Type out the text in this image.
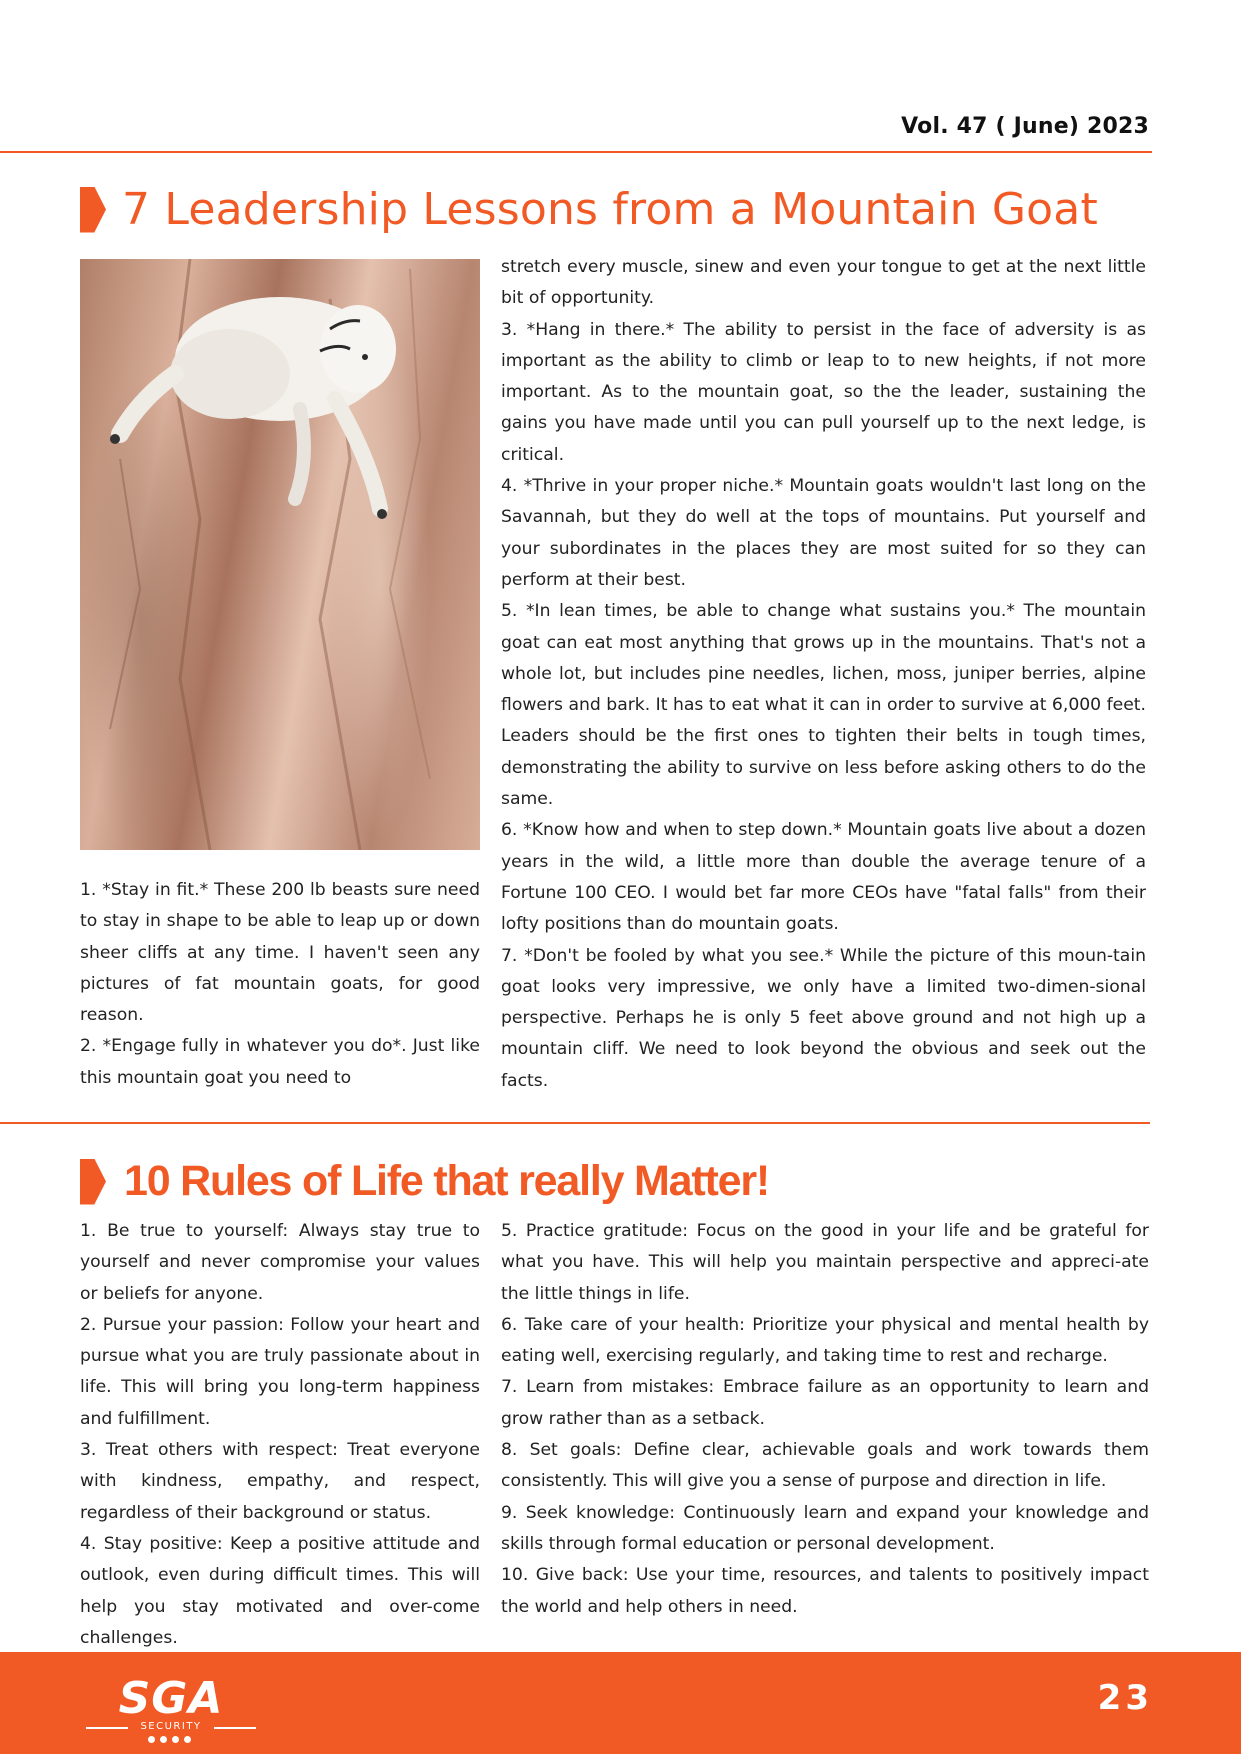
Vol. 47 ( June) 2023
7 Leadership Lessons from a Mountain Goat

stretch every muscle, sinew and even your tongue to get at the next little bit of opportunity.

3. *Hang in there.* The ability to persist in the face of adversity is as important as the ability to climb or leap to to new heights, if not more important. As to the mountain goat, so the the leader, sustaining the gains you have made until you can pull yourself up to the next ledge, is critical.

4. *Thrive in your proper niche.* Mountain goats wouldn't last long on the Savannah, but they do well at the tops of mountains. Put yourself and your subordinates in the places they are most suited for so they can perform at their best.

5. *In lean times, be able to change what sustains you.* The mountain goat can eat most anything that grows up in the mountains. That's not a whole lot, but includes pine needles, lichen, moss, juniper berries, alpine flowers and bark. It has to eat what it can in order to survive at 6,000 feet. Leaders should be the first ones to tighten their belts in tough times, demonstrating the ability to survive on less before asking others to do the same.

6. *Know how and when to step down.* Mountain goats live about a dozen years in the wild, a little more than double the average tenure of a Fortune 100 CEO. I would bet far more CEOs have "fatal falls" from their lofty positions than do mountain goats.

7. *Don't be fooled by what you see.* While the picture of this moun-tain goat looks very impressive, we only have a limited two-dimen-sional perspective. Perhaps he is only 5 feet above ground and not high up a mountain cliff. We need to look beyond the obvious and seek out the facts.

1. *Stay in fit.* These 200 lb beasts sure need to stay in shape to be able to leap up or down sheer cliffs at any time. I haven't seen any pictures of fat mountain goats, for good reason.

2. *Engage fully in whatever you do*. Just like this mountain goat you need to

10 Rules of Life that really Matter!

1. Be true to yourself: Always stay true to yourself and never compromise your values or beliefs for anyone.

2. Pursue your passion: Follow your heart and pursue what you are truly passionate about in life. This will bring you long-term happiness and fulfillment.

3. Treat others with respect: Treat everyone with kindness, empathy, and respect, regardless of their background or status.

4. Stay positive: Keep a positive attitude and outlook, even during difficult times. This will help you stay motivated and over-come challenges.

5. Practice gratitude: Focus on the good in your life and be grateful for what you have. This will help you maintain perspective and appreci-ate the little things in life.

6. Take care of your health: Prioritize your physical and mental health by eating well, exercising regularly, and taking time to rest and recharge.

7. Learn from mistakes: Embrace failure as an opportunity to learn and grow rather than as a setback.

8. Set goals: Define clear, achievable goals and work towards them consistently. This will give you a sense of purpose and direction in life.

9. Seek knowledge: Continuously learn and expand your knowledge and skills through formal education or personal development.

10. Give back: Use your time, resources, and talents to positively impact the world and help others in need.

SGA
SECURITY
23
